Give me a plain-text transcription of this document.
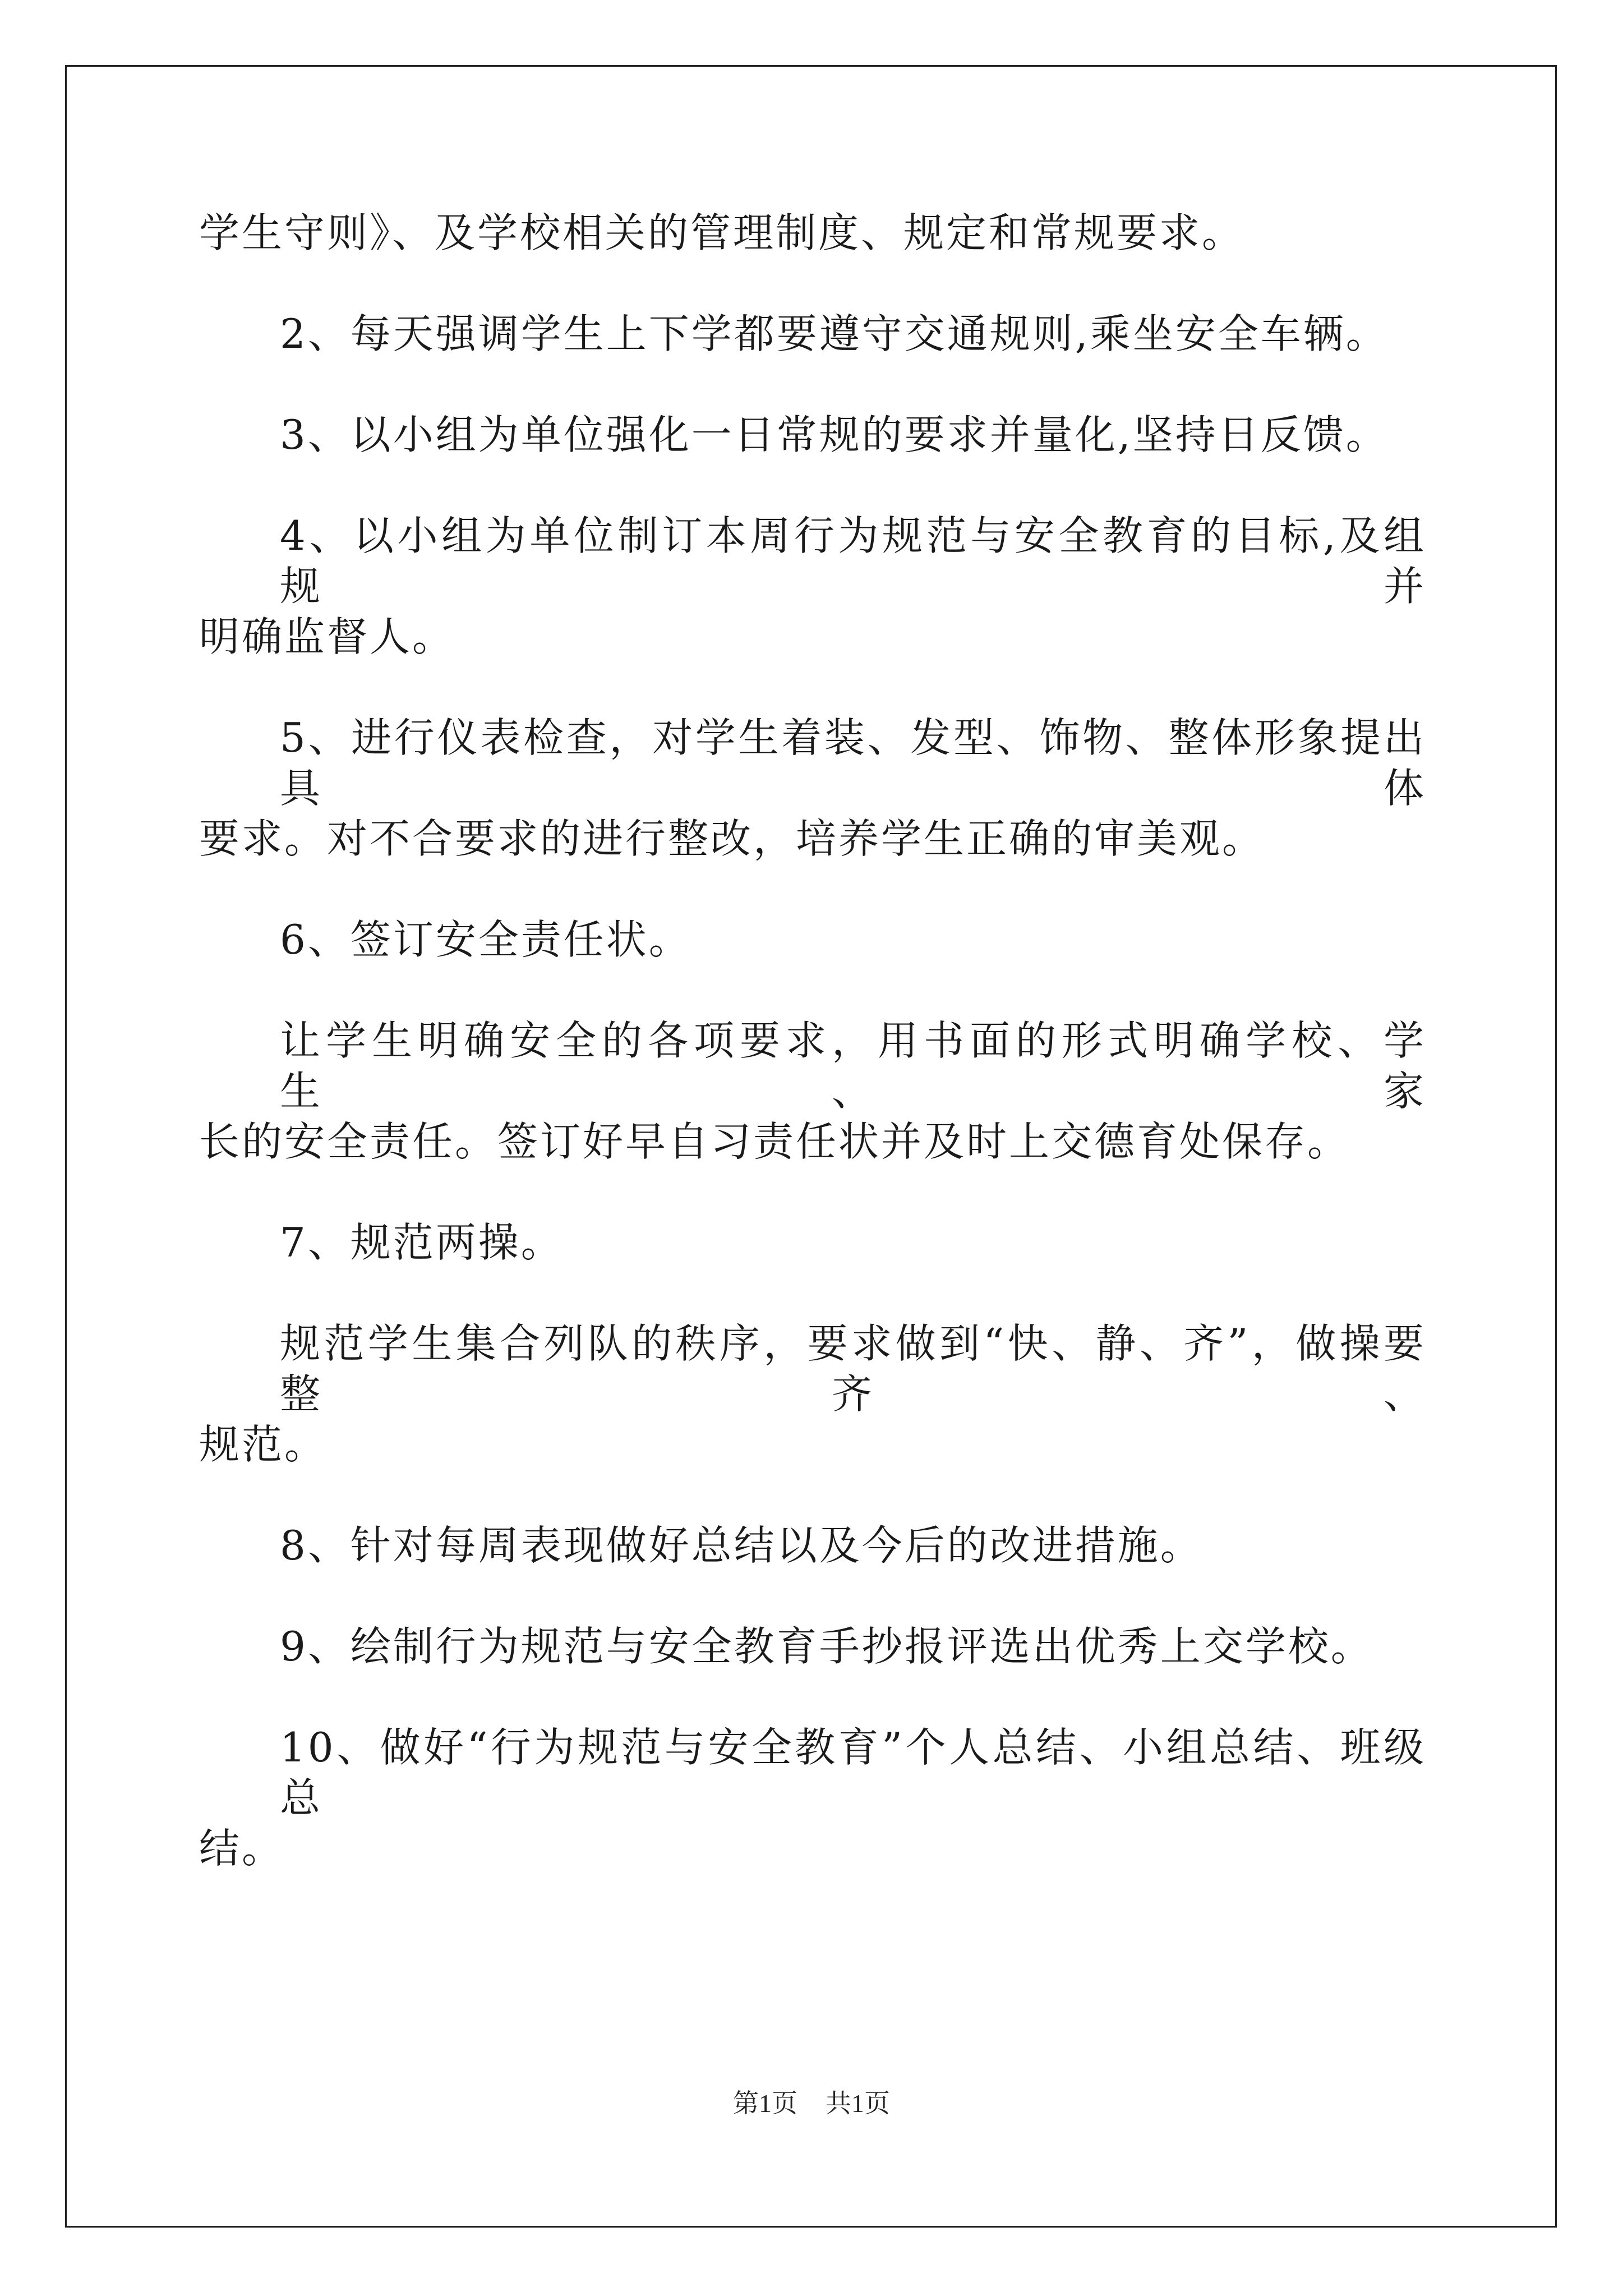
学生守则》、及学校相关的管理制度、规定和常规要求。
2、每天强调学生上下学都要遵守交通规则,乘坐安全车辆。
3、以小组为单位强化一日常规的要求并量化,坚持日反馈。
4、以小组为单位制订本周行为规范与安全教育的目标,及组规并
明确监督人。
5、进行仪表检查，对学生着装、发型、饰物、整体形象提出具体
要求。对不合要求的进行整改，培养学生正确的审美观。
6、签订安全责任状。
让学生明确安全的各项要求，用书面的形式明确学校、学生、家
长的安全责任。签订好早自习责任状并及时上交德育处保存。
7、规范两操。
规范学生集合列队的秩序，要求做到“快、静、齐”，做操要整齐、
规范。
8、针对每周表现做好总结以及今后的改进措施。
9、绘制行为规范与安全教育手抄报评选出优秀上交学校。
10、做好“行为规范与安全教育”个人总结、小组总结、班级总
结。
第1页 共1页
